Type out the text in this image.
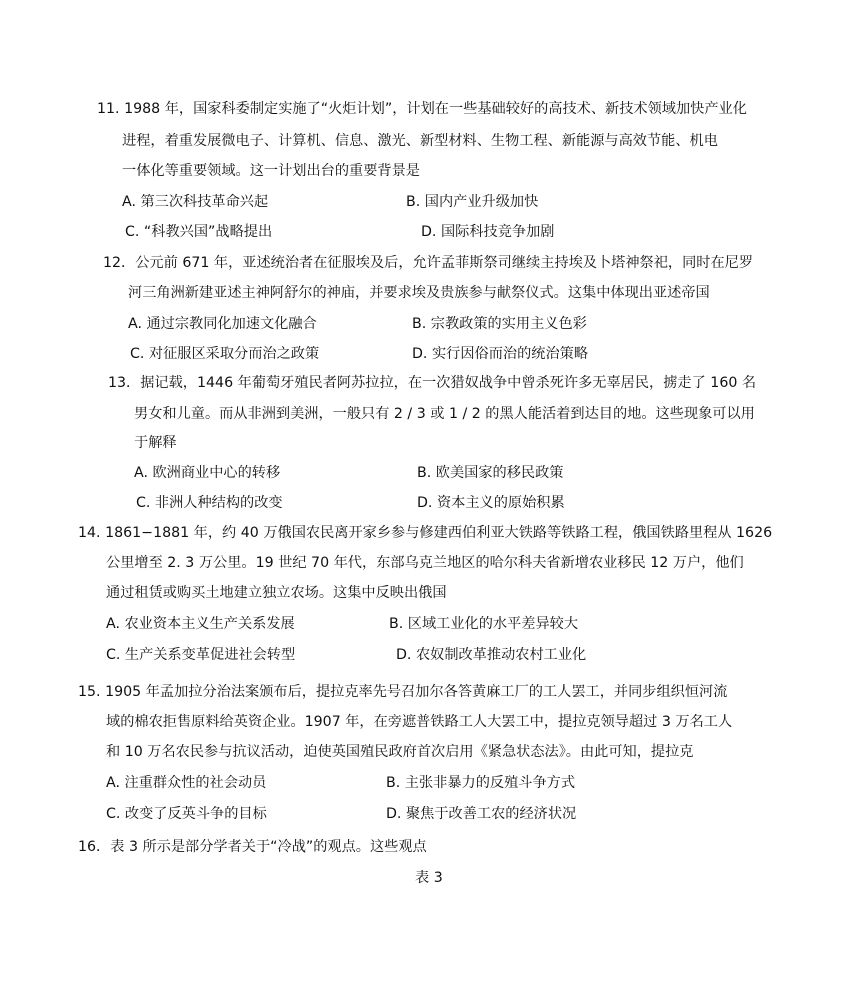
11. 1988 年，国家科委制定实施了“火炬计划”，计划在一些基础较好的高技术、新技术领域加快产业化
进程，着重发展微电子、计算机、信息、激光、新型材料、生物工程、新能源与高效节能、机电
一体化等重要领域。这一计划出台的重要背景是
A. 第三次科技革命兴起	B. 国内产业升级加快
C. “科教兴国”战略提出	D. 国际科技竞争加剧
12．公元前 671 年，亚述统治者在征服埃及后，允许孟菲斯祭司继续主持埃及卜塔神祭祀，同时在尼罗
河三角洲新建亚述主神阿舒尔的神庙，并要求埃及贵族参与献祭仪式。这集中体现出亚述帝国
A. 通过宗教同化加速文化融合	B. 宗教政策的实用主义色彩
C. 对征服区采取分而治之政策	D. 实行因俗而治的统治策略
13．据记载，1446 年葡萄牙殖民者阿苏拉拉，在一次猎奴战争中曾杀死许多无辜居民，掳走了 160 名
男女和儿童。而从非洲到美洲，一般只有 2 / 3 或 1 / 2 的黑人能活着到达目的地。这些现象可以用
于解释
A. 欧洲商业中心的转移	B. 欧美国家的移民政策
C. 非洲人种结构的改变	D. 资本主义的原始积累
14. 1861−1881 年，约 40 万俄国农民离开家乡参与修建西伯利亚大铁路等铁路工程，俄国铁路里程从 1626
公里增至 2. 3 万公里。19 世纪 70 年代，东部乌克兰地区的哈尔科夫省新增农业移民 12 万户，他们
通过租赁或购买土地建立独立农场。这集中反映出俄国
A. 农业资本主义生产关系发展	B. 区域工业化的水平差异较大
C. 生产关系变革促进社会转型	D. 农奴制改革推动农村工业化
15. 1905 年孟加拉分治法案颁布后，提拉克率先号召加尔各答黄麻工厂的工人罢工，并同步组织恒河流
域的棉农拒售原料给英资企业。1907 年，在旁遮普铁路工人大罢工中，提拉克领导超过 3 万名工人
和 10 万名农民参与抗议活动，迫使英国殖民政府首次启用《紧急状态法》。由此可知，提拉克
A. 注重群众性的社会动员	B. 主张非暴力的反殖斗争方式
C. 改变了反英斗争的目标	D. 聚焦于改善工农的经济状况
16．表 3 所示是部分学者关于“冷战”的观点。这些观点
表 3
